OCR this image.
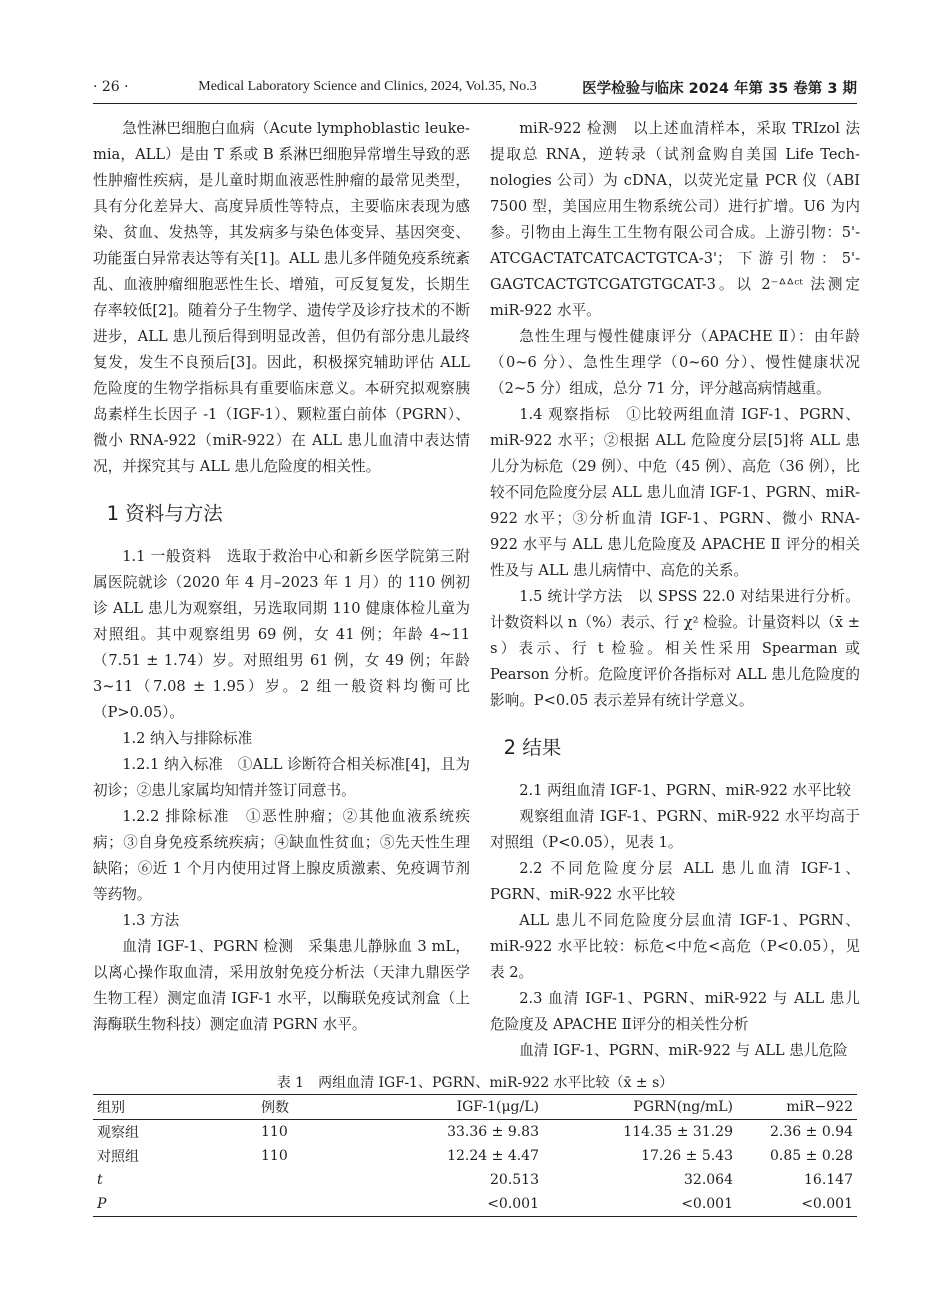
· 26 ·	Medical Laboratory Science and Clinics, 2024, Vol.35, No.3	医学检验与临床 2024 年第 35 卷第 3 期

急性淋巴细胞白血病（Acute lymphoblastic leuke-mia，ALL）是由 T 系或 B 系淋巴细胞异常增生导致的恶性肿瘤性疾病，是儿童时期血液恶性肿瘤的最常见类型，具有分化差异大、高度异质性等特点，主要临床表现为感染、贫血、发热等，其发病多与染色体变异、基因突变、功能蛋白异常表达等有关[1]。ALL 患儿多伴随免疫系统紊乱、血液肿瘤细胞恶性生长、增殖，可反复复发，长期生存率较低[2]。随着分子生物学、遗传学及诊疗技术的不断进步，ALL 患儿预后得到明显改善，但仍有部分患儿最终复发，发生不良预后[3]。因此，积极探究辅助评估 ALL 危险度的生物学指标具有重要临床意义。本研究拟观察胰岛素样生长因子 -1（IGF-1）、颗粒蛋白前体（PGRN）、微小 RNA-922（miR-922）在 ALL 患儿血清中表达情况，并探究其与 ALL 患儿危险度的相关性。

1 资料与方法

1.1 一般资料　选取于救治中心和新乡医学院第三附属医院就诊（2020 年 4 月–2023 年 1 月）的 110 例初诊 ALL 患儿为观察组，另选取同期 110 健康体检儿童为对照组。其中观察组男 69 例，女 41 例；年龄 4~11（7.51 ± 1.74）岁。对照组男 61 例，女 49 例；年龄 3~11（7.08 ± 1.95）岁。2 组一般资料均衡可比（P>0.05）。

1.2 纳入与排除标准

1.2.1 纳入标准　①ALL 诊断符合相关标准[4]，且为初诊；②患儿家属均知情并签订同意书。

1.2.2 排除标准　①恶性肿瘤；②其他血液系统疾病；③自身免疫系统疾病；④缺血性贫血；⑤先天性生理缺陷；⑥近 1 个月内使用过肾上腺皮质激素、免疫调节剂等药物。

1.3 方法

血清 IGF-1、PGRN 检测　采集患儿静脉血 3 mL，以离心操作取血清，采用放射免疫分析法（天津九鼎医学生物工程）测定血清 IGF-1 水平，以酶联免疫试剂盒（上海酶联生物科技）测定血清 PGRN 水平。

miR-922 检测　以上述血清样本，采取 TRIzol 法提取总 RNA，逆转录（试剂盒购自美国 Life Tech-nologies 公司）为 cDNA，以荧光定量 PCR 仪（ABI 7500 型，美国应用生物系统公司）进行扩增。U6 为内参。引物由上海生工生物有限公司合成。上游引物：5'-ATCGACTATCATCACTGTCA-3'；下游引物：5'-GAGTCACTGTCGATGTGCAT-3。以 2⁻ᐞᐞᶜᵗ 法测定 miR-922 水平。

急性生理与慢性健康评分（APACHE Ⅱ）：由年龄（0~6 分）、急性生理学（0~60 分）、慢性健康状况（2~5 分）组成，总分 71 分，评分越高病情越重。

1.4 观察指标　①比较两组血清 IGF-1、PGRN、miR-922 水平；②根据 ALL 危险度分层[5]将 ALL 患儿分为标危（29 例）、中危（45 例）、高危（36 例），比较不同危险度分层 ALL 患儿血清 IGF-1、PGRN、miR-922 水平；③分析血清 IGF-1、PGRN、微小 RNA-922 水平与 ALL 患儿危险度及 APACHE Ⅱ 评分的相关性及与 ALL 患儿病情中、高危的关系。

1.5 统计学方法　以 SPSS 22.0 对结果进行分析。计数资料以 n（%）表示、行 χ² 检验。计量资料以（x̄ ± s）表示、行 t 检验。相关性采用 Spearman 或 Pearson 分析。危险度评价各指标对 ALL 患儿危险度的影响。P<0.05 表示差异有统计学意义。

2 结果

2.1 两组血清 IGF-1、PGRN、miR-922 水平比较

观察组血清 IGF-1、PGRN、miR-922 水平均高于对照组（P<0.05），见表 1。

2.2 不同危险度分层 ALL 患儿血清 IGF-1、PGRN、miR-922 水平比较

ALL 患儿不同危险度分层血清 IGF-1、PGRN、miR-922 水平比较：标危<中危<高危（P<0.05），见表 2。

2.3 血清 IGF-1、PGRN、miR-922 与 ALL 患儿危险度及 APACHE Ⅱ评分的相关性分析

血清 IGF-1、PGRN、miR-922 与 ALL 患儿危险

表 1　两组血清 IGF-1、PGRN、miR-922 水平比较（x̄ ± s）
组别	例数	IGF-1(μg/L)	PGRN(ng/mL)	miR−922
观察组	110	33.36 ± 9.83	114.35 ± 31.29	2.36 ± 0.94
对照组	110	12.24 ± 4.47	17.26 ± 5.43	0.85 ± 0.28
t		20.513	32.064	16.147
P		<0.001	<0.001	<0.001
